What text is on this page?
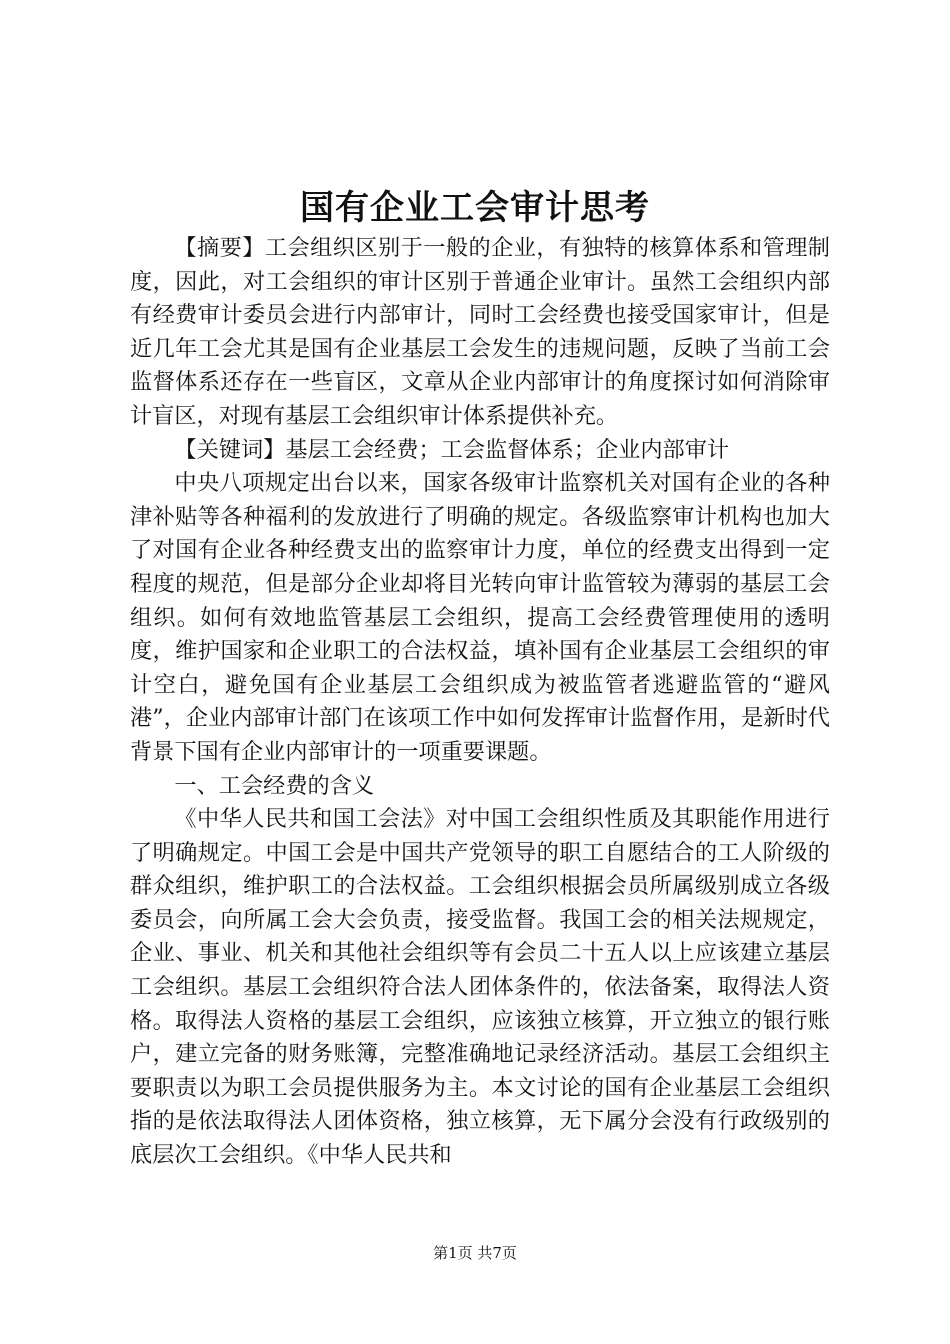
国有企业工会审计思考

【摘要】工会组织区别于一般的企业，有独特的核算体系和管理制度，因此，对工会组织的审计区别于普通企业审计。虽然工会组织内部有经费审计委员会进行内部审计，同时工会经费也接受国家审计，但是近几年工会尤其是国有企业基层工会发生的违规问题，反映了当前工会监督体系还存在一些盲区，文章从企业内部审计的角度探讨如何消除审计盲区，对现有基层工会组织审计体系提供补充。

【关键词】基层工会经费；工会监督体系；企业内部审计

中央八项规定出台以来，国家各级审计监察机关对国有企业的各种津补贴等各种福利的发放进行了明确的规定。各级监察审计机构也加大了对国有企业各种经费支出的监察审计力度，单位的经费支出得到一定程度的规范，但是部分企业却将目光转向审计监管较为薄弱的基层工会组织。如何有效地监管基层工会组织，提高工会经费管理使用的透明度，维护国家和企业职工的合法权益，填补国有企业基层工会组织的审计空白，避免国有企业基层工会组织成为被监管者逃避监管的“避风港”，企业内部审计部门在该项工作中如何发挥审计监督作用，是新时代背景下国有企业内部审计的一项重要课题。

一、工会经费的含义

《中华人民共和国工会法》对中国工会组织性质及其职能作用进行了明确规定。中国工会是中国共产党领导的职工自愿结合的工人阶级的群众组织，维护职工的合法权益。工会组织根据会员所属级别成立各级委员会，向所属工会大会负责，接受监督。我国工会的相关法规规定，企业、事业、机关和其他社会组织等有会员二十五人以上应该建立基层工会组织。基层工会组织符合法人团体条件的，依法备案，取得法人资格。取得法人资格的基层工会组织，应该独立核算，开立独立的银行账户，建立完备的财务账簿，完整准确地记录经济活动。基层工会组织主要职责以为职工会员提供服务为主。本文讨论的国有企业基层工会组织指的是依法取得法人团体资格，独立核算，无下属分会没有行政级别的底层次工会组织。《中华人民共和

第1页 共7页
